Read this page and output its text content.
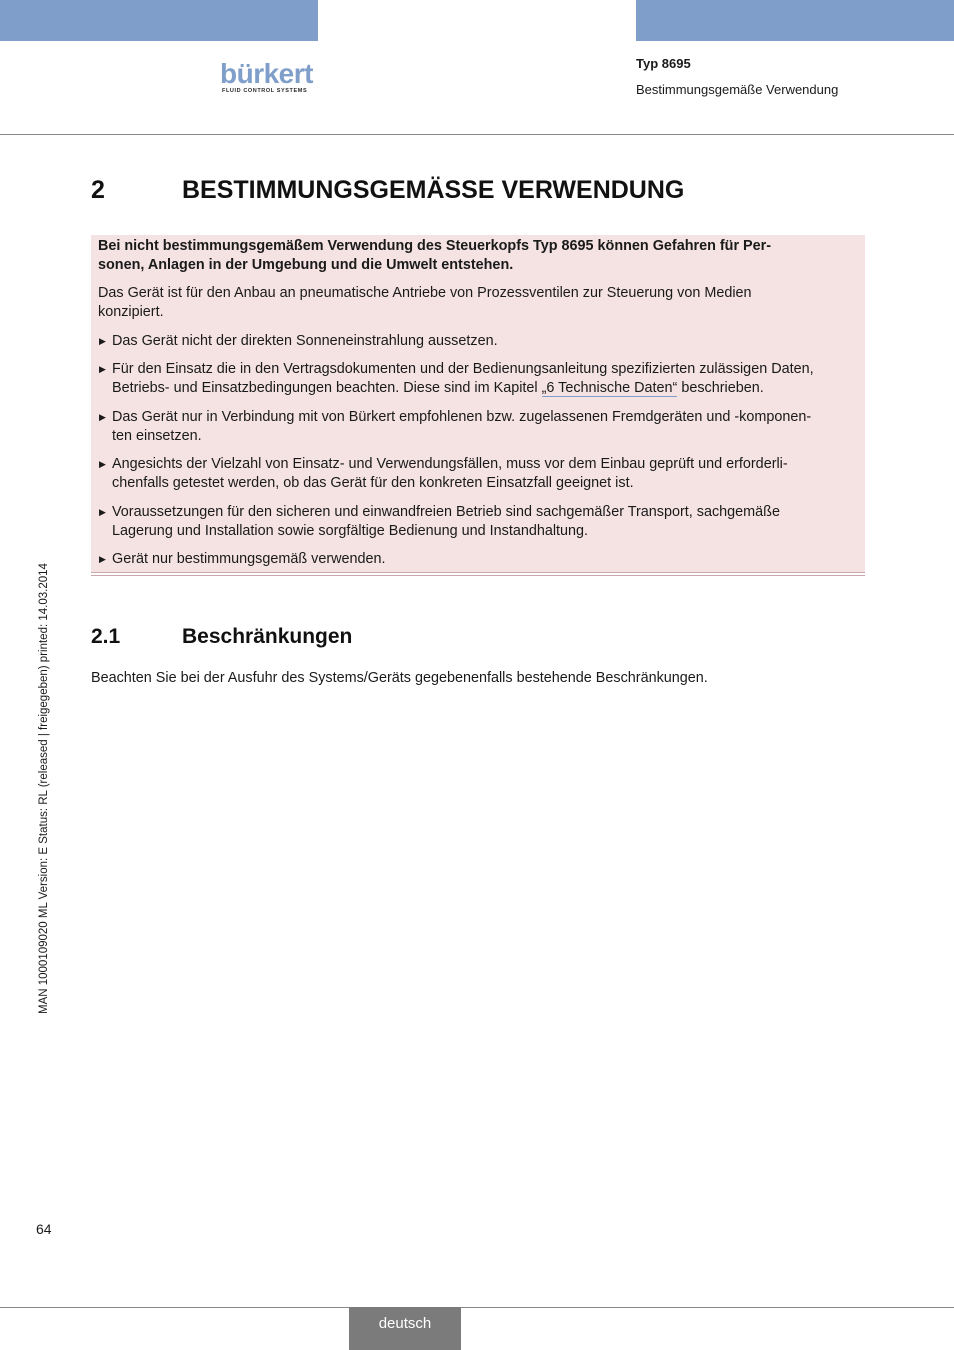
bürkert
FLUID CONTROL SYSTEMS
Typ 8695
Bestimmungsgemäße Verwendung
2	BESTIMMUNGSGEMÄSSE VERWENDUNG

Bei nicht bestimmungsgemäßem Verwendung des Steuerkopfs Typ 8695 können Gefahren für Per-

sonen, Anlagen in der Umgebung und die Umwelt entstehen.

Das Gerät ist für den Anbau an pneumatische Antriebe von Prozessventilen zur Steuerung von Medien

konzipiert.

▶ Das Gerät nicht der direkten Sonneneinstrahlung aussetzen.
▶ Für den Einsatz die in den Vertragsdokumenten und der Bedienungsanleitung spezifizierten zulässigen Daten,
Betriebs- und Einsatzbedingungen beachten. Diese sind im Kapitel „6 Technische Daten“ beschrieben.
▶ Das Gerät nur in Verbindung mit von Bürkert empfohlenen bzw. zugelassenen Fremdgeräten und -komponen-
ten einsetzen.
▶ Angesichts der Vielzahl von Einsatz- und Verwendungsfällen, muss vor dem Einbau geprüft und erforderli-
chenfalls getestet werden, ob das Gerät für den konkreten Einsatzfall geeignet ist.
▶ Voraussetzungen für den sicheren und einwandfreien Betrieb sind sachgemäßer Transport, sachgemäße
Lagerung und Installation sowie sorgfältige Bedienung und Instandhaltung.
▶ Gerät nur bestimmungsgemäß verwenden.
2.1	Beschränkungen
Beachten Sie bei der Ausfuhr des Systems/Geräts gegebenenfalls bestehende Beschränkungen.
MAN 1000109020 ML Version: E Status: RL (released | freigegeben) printed: 14.03.2014
64
deutsch
